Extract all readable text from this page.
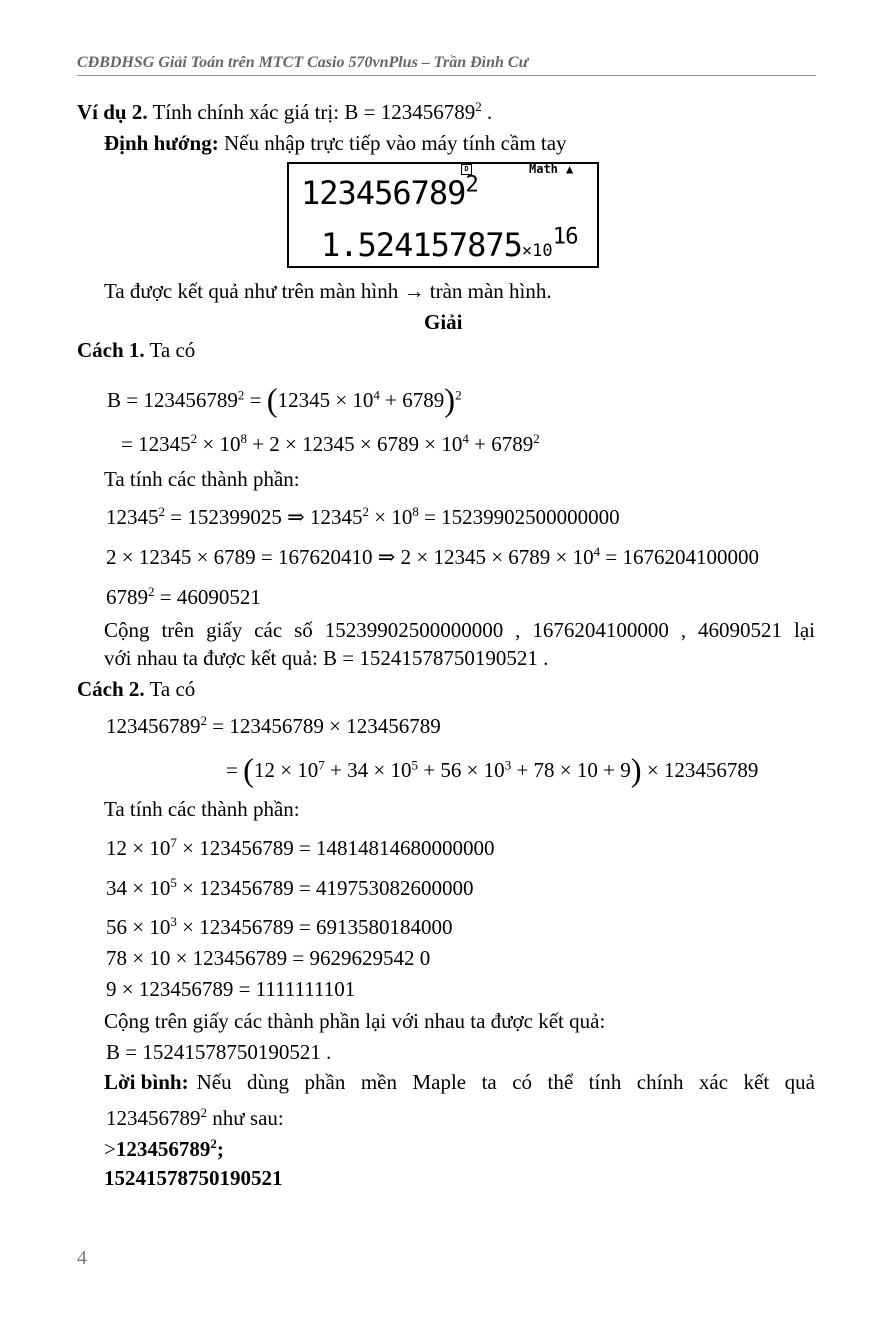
CĐBDHSG Giải Toán trên MTCT Casio 570vnPlus – Trần Đình Cư
Ví dụ 2. Tính chính xác giá trị: $B = 123456789^2$ .
Định hướng: Nếu nhập trực tiếp vào máy tính cầm tay
D	Math ▲
123456789$^2$
$1.524157875\times 10^{16}$
Ta được kết quả như trên màn hình → tràn màn hình.
Giải
Cách 1. Ta có
$B = 123456789^2 = (12345 \times 10^4 + 6789)^2$
= $12345^2 \times 10^8 + 2 \times 12345 \times 6789 \times 10^4 + 6789^2$
Ta tính các thành phần:
$12345^2 = 152399025$ ⇒ $12345^2 \times 10^8 = 15239902500000000$
2 × 12345 × 6789 = 167620410 ⇒ $2 \times 12345 \times 6789 \times 10^4 = 1676204100000$
$6789^2 = 46090521$
Cộng trên giấy các số 15239902500000000 , 1676204100000 , 46090521 lại
với nhau ta được kết quả: B = 15241578750190521 .
Cách 2. Ta có
$123456789^2 = 123456789 \times 123456789$
= $(12 \times 10^7 + 34 \times 10^5 + 56 \times 10^3 + 78 \times 10 + 9) \times 123456789$
Ta tính các thành phần:
$12 \times 10^7 \times 123456789 = 14814814680000000$
$34 \times 10^5 \times 123456789 = 419753082600000$
$56 \times 10^3 \times 123456789 = 6913580184000$
78 × 10 × 123456789 = 9629629542 0
9 × 123456789 = 1111111101
Cộng trên giấy các thành phần lại với nhau ta được kết quả:
B = 15241578750190521 .
Lời bình: Nếu dùng phần mền Maple ta có thể tính chính xác kết quả
123456789$^2$ như sau:
$>123456789^2$;
15241578750190521
4
